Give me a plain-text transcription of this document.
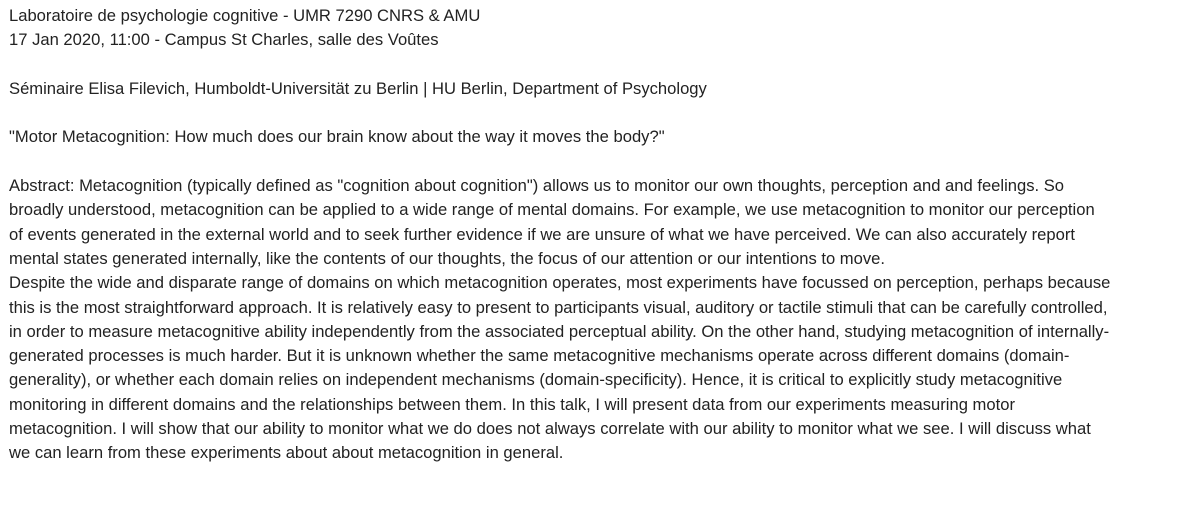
Laboratoire de psychologie cognitive - UMR 7290 CNRS & AMU
17 Jan 2020, 11:00 - Campus St Charles, salle des Voûtes
Séminaire Elisa Filevich, Humboldt-Universität zu Berlin | HU Berlin, Department of Psychology
"Motor Metacognition: How much does our brain know about the way it moves the body?"
Abstract: Metacognition (typically defined as "cognition about cognition") allows us to monitor our own thoughts, perception and and feelings. So
broadly understood, metacognition can be applied to a wide range of mental domains. For example, we use metacognition to monitor our perception
of events generated in the external world and to seek further evidence if we are unsure of what we have perceived. We can also accurately report
mental states generated internally, like the contents of our thoughts, the focus of our attention or our intentions to move.
Despite the wide and disparate range of domains on which metacognition operates, most experiments have focussed on perception, perhaps because
this is the most straightforward approach. It is relatively easy to present to participants visual, auditory or tactile stimuli that can be carefully controlled,
in order to measure metacognitive ability independently from the associated perceptual ability. On the other hand, studying metacognition of internally-
generated processes is much harder. But it is unknown whether the same metacognitive mechanisms operate across different domains (domain-
generality), or whether each domain relies on independent mechanisms (domain-specificity). Hence, it is critical to explicitly study metacognitive
monitoring in different domains and the relationships between them. In this talk, I will present data from our experiments measuring motor
metacognition. I will show that our ability to monitor what we do does not always correlate with our ability to monitor what we see. I will discuss what
we can learn from these experiments about about metacognition in general.
